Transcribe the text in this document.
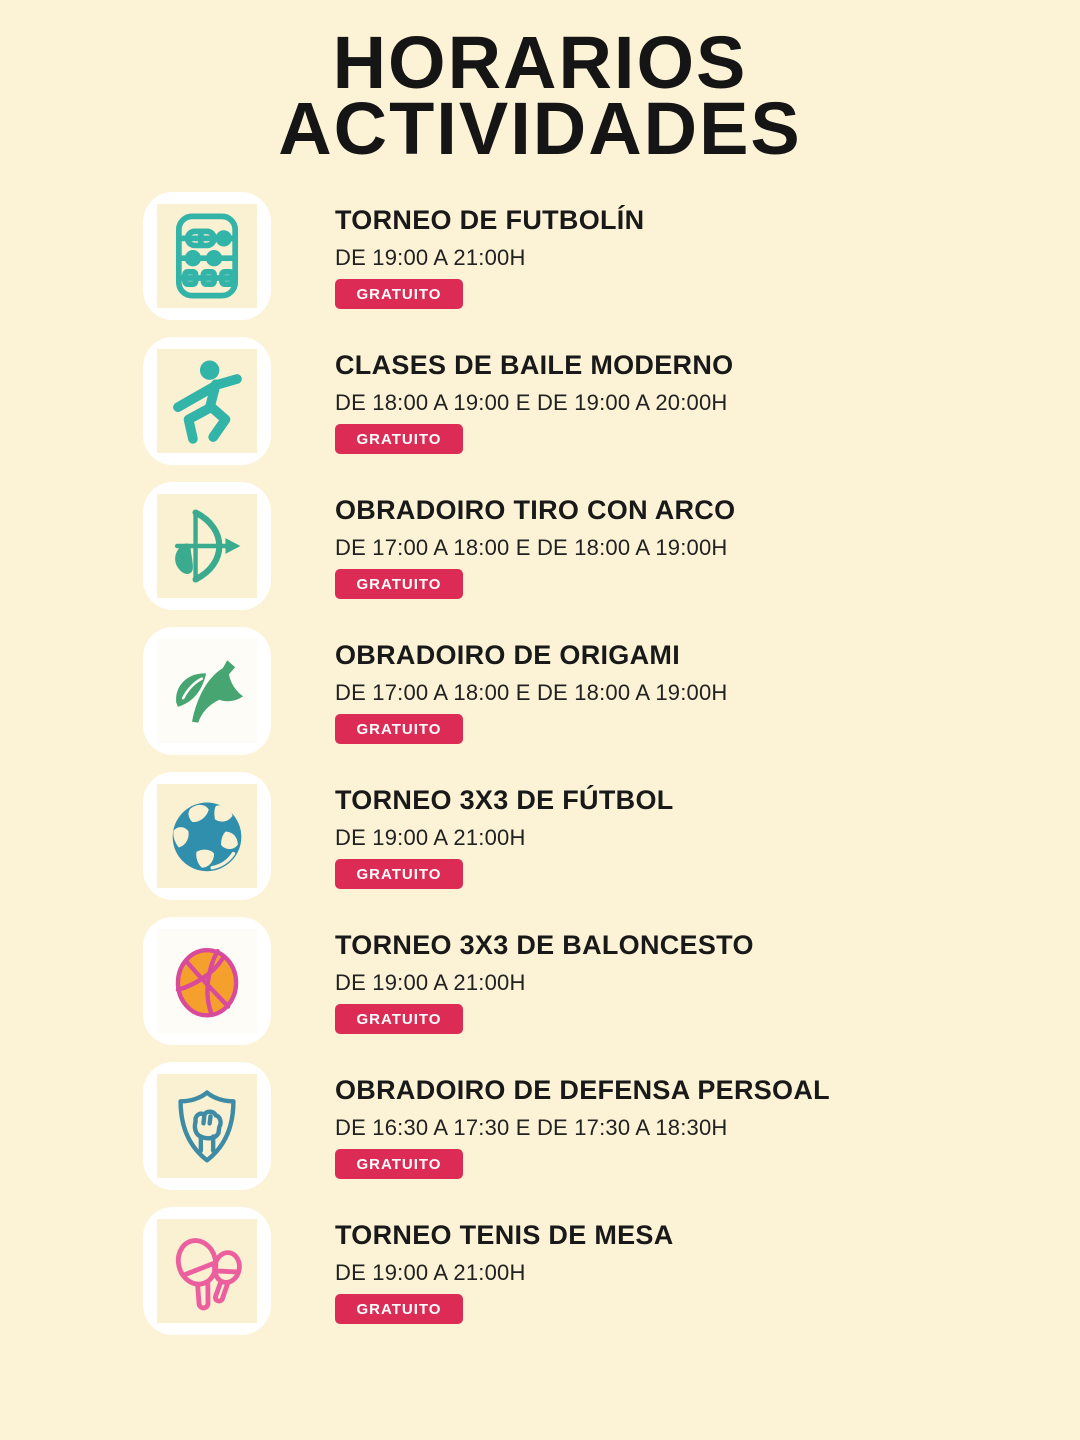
HORARIOS
ACTIVIDADES
TORNEO DE FUTBOLÍN
DE 19:00 A 21:00H
GRATUITO
CLASES DE BAILE MODERNO
DE 18:00 A 19:00 E DE 19:00 A 20:00H
GRATUITO
OBRADOIRO TIRO CON ARCO
DE 17:00 A 18:00 E DE 18:00 A 19:00H
GRATUITO
OBRADOIRO DE ORIGAMI
DE 17:00 A 18:00 E DE 18:00 A 19:00H
GRATUITO
TORNEO 3X3 DE FÚTBOL
DE 19:00 A 21:00H
GRATUITO
TORNEO 3X3 DE BALONCESTO
DE 19:00 A 21:00H
GRATUITO
OBRADOIRO DE DEFENSA PERSOAL
DE 16:30 A 17:30 E DE 17:30 A 18:30H
GRATUITO
TORNEO TENIS DE MESA
DE 19:00 A 21:00H
GRATUITO
